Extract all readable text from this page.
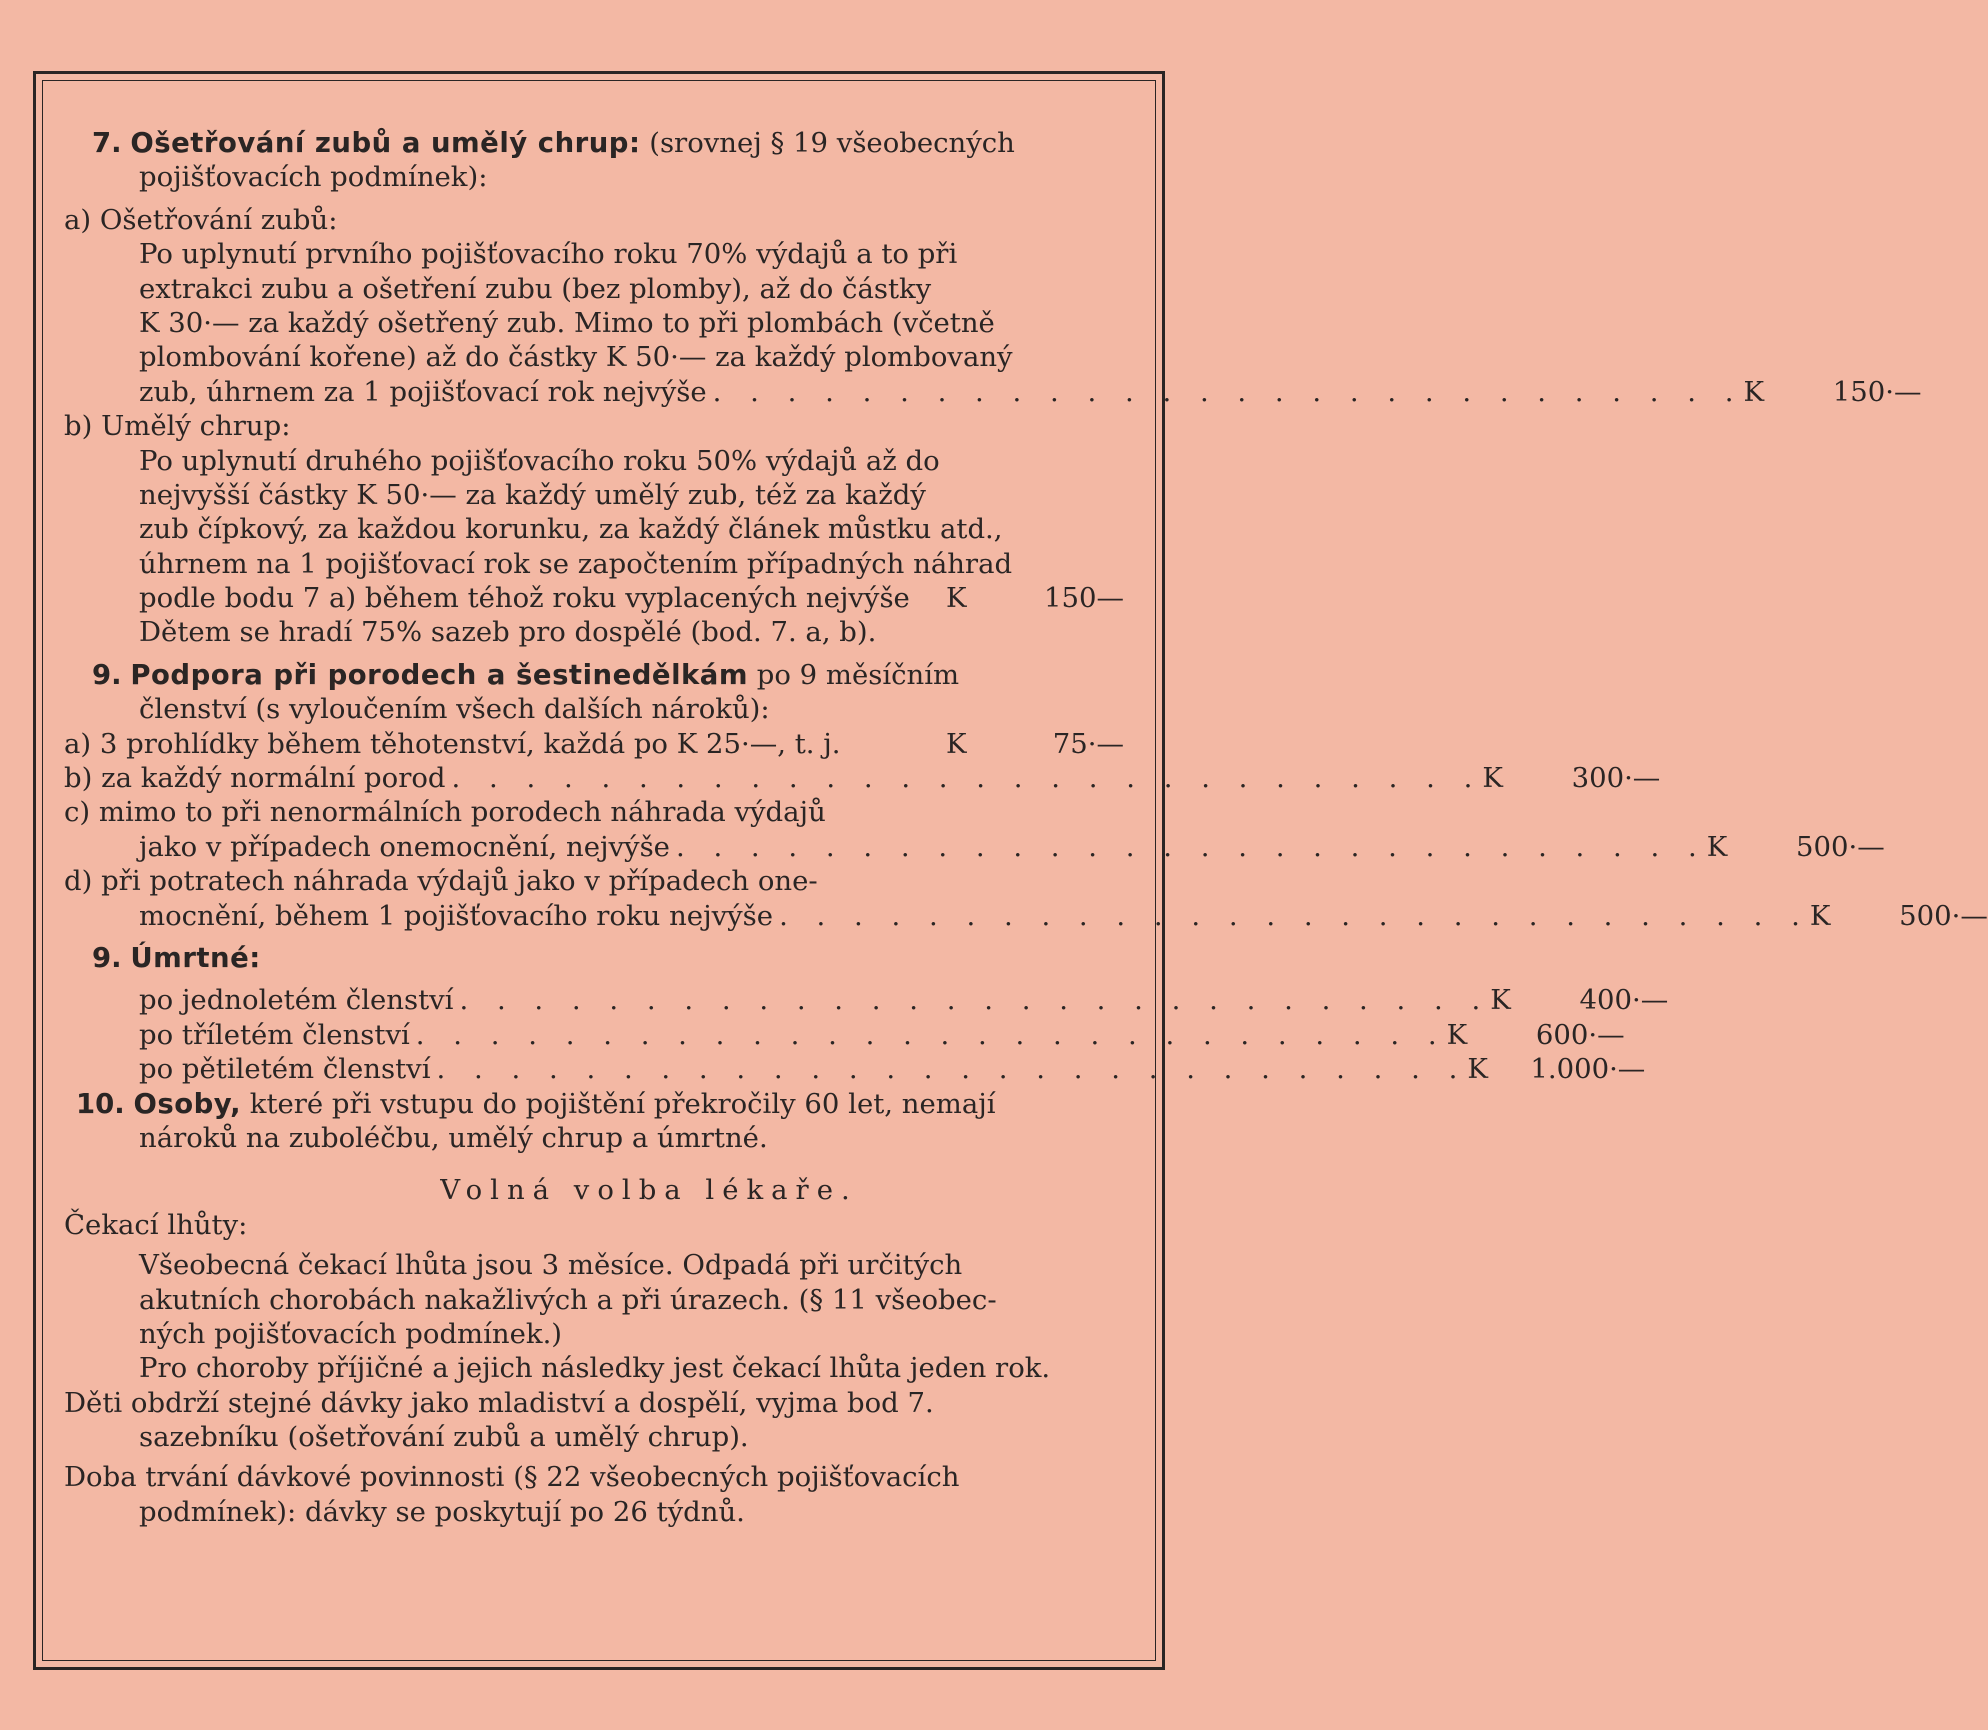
7. Ošetřování zubů a umělý chrup: (srovnej § 19 všeobecných
pojišťovacích podmínek):
a) Ošetřování zubů:
Po uplynutí prvního pojišťovacího roku 70% výdajů a to při
extrakci zubu a ošetření zubu (bez plomby), až do částky
K 30·— za každý ošetřený zub. Mimo to při plombách (včetně
plombování kořene) až do částky K 50·— za každý plombovaný
zub, úhrnem za 1 pojišťovací rok nejvýše . . . . . . . . . . . . . . . . . . . . . . . . . . . . K	150·—
b) Umělý chrup:
Po uplynutí druhého pojišťovacího roku 50% výdajů až do
nejvyšší částky K 50·— za každý umělý zub, též za každý
zub čípkový, za každou korunku, za každý článek můstku atd.,
úhrnem na 1 pojišťovací rok se započtením případných náhrad
podle bodu 7 a) během téhož roku vyplacených nejvýše K	150—
Dětem se hradí 75% sazeb pro dospělé (bod. 7. a, b).
9. Podpora při porodech a šestinedělkám po 9 měsíčním
členství (s vyloučením všech dalších nároků):
a) 3 prohlídky během těhotenství, každá po K 25·—, t. j.	K	75·—
b) za každý normální porod . . . . . . . . . . . . . . . . . . . . . . . . . . . . K	300·—
c) mimo to při nenormálních porodech náhrada výdajů
jako v případech onemocnění, nejvýše . . . . . . . . . . . . . . . . . . . . . . . . . . . . K	500·—
d) při potratech náhrada výdajů jako v případech one-
mocnění, během 1 pojišťovacího roku nejvýše . . . . . . . . . . . . . . . . . . . . . . . . . . . . K	500·—
9. Úmrtné:
po jednoletém členství . . . . . . . . . . . . . . . . . . . . . . . . . . . . K	400·—
po tříletém členství . . . . . . . . . . . . . . . . . . . . . . . . . . . . K	600·—
po pětiletém členství . . . . . . . . . . . . . . . . . . . . . . . . . . . . K	1.000·—
10. Osoby, které při vstupu do pojištění překročily 60 let, nemají
nároků na zuboléčbu, umělý chrup a úmrtné.
Volná volba lékaře.
Čekací lhůty:
Všeobecná čekací lhůta jsou 3 měsíce. Odpadá při určitých
akutních chorobách nakažlivých a při úrazech. (§ 11 všeobec-
ných pojišťovacích podmínek.)
Pro choroby příjičné a jejich následky jest čekací lhůta jeden rok.
Děti obdrží stejné dávky jako mladiství a dospělí, vyjma bod 7.
sazebníku (ošetřování zubů a umělý chrup).
Doba trvání dávkové povinnosti (§ 22 všeobecných pojišťovacích
podmínek): dávky se poskytují po 26 týdnů.
